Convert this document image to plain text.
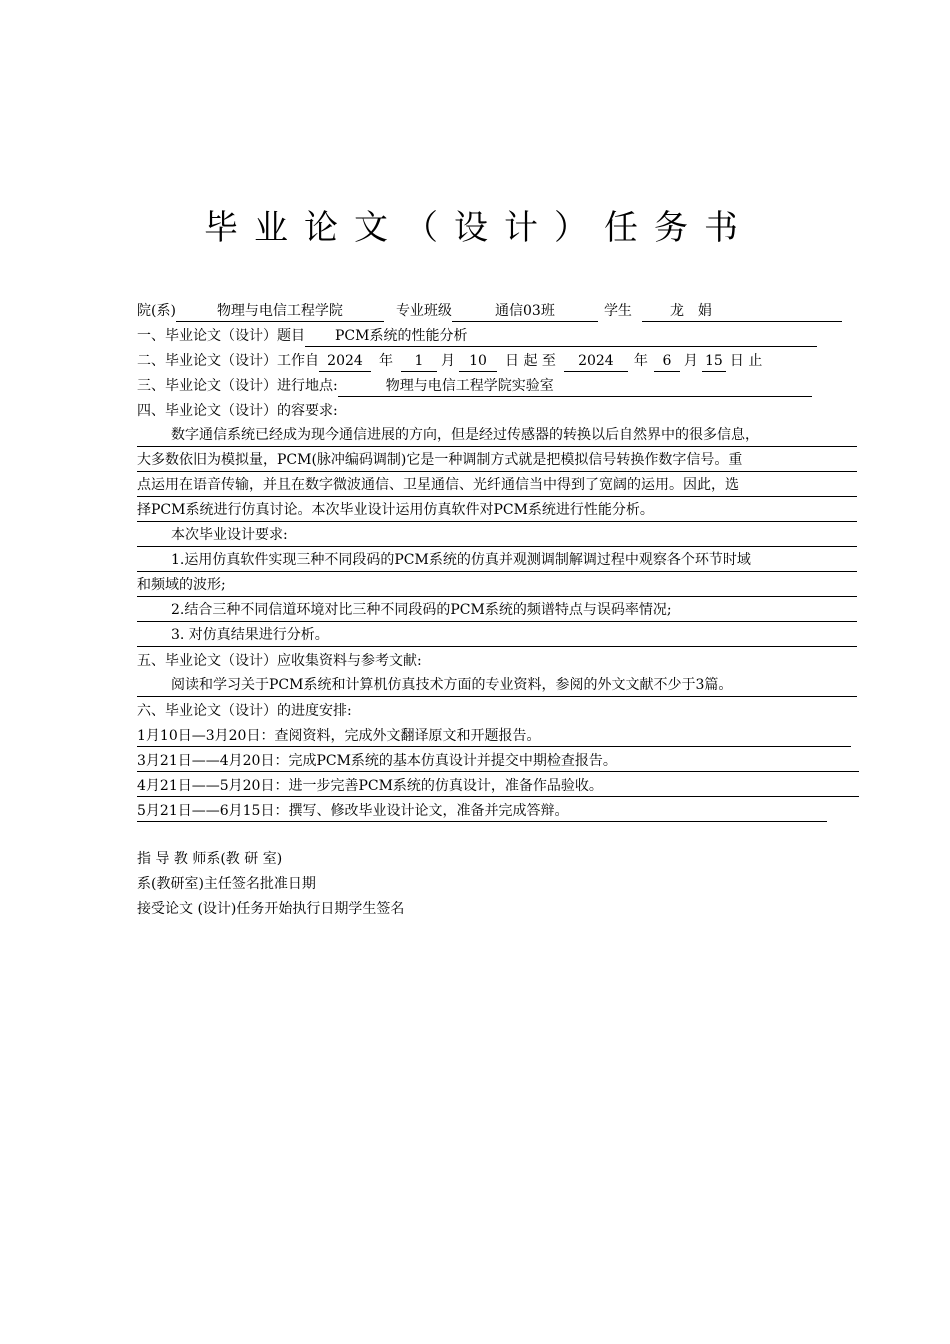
毕业论文（设计）任务书
院(系)	物理与电信工程学院	专业班级	通信03班	学生	龙　娟
一、毕业论文（设计）题目 PCM系统的性能分析
二、毕业论文（设计）工作自 2024 年 1 月 10 日 起 至 2024 年 6 月 15 日 止
三、毕业论文（设计）进行地点:	物理与电信工程学院实验室
四、毕业论文（设计）的容要求:
数字通信系统已经成为现今通信进展的方向，但是经过传感器的转换以后自然界中的很多信息，
大多数依旧为模拟量，PCM(脉冲编码调制)它是一种调制方式就是把模拟信号转换作数字信号。重
点运用在语音传输，并且在数字微波通信、卫星通信、光纤通信当中得到了宽阔的运用。因此，选
择PCM系统进行仿真讨论。本次毕业设计运用仿真软件对PCM系统进行性能分析。
本次毕业设计要求:
1.运用仿真软件实现三种不同段码的PCM系统的仿真并观测调制解调过程中观察各个环节时域
和频域的波形;
2.结合三种不同信道环境对比三种不同段码的PCM系统的频谱特点与误码率情况;
3. 对仿真结果进行分析。
五、毕业论文（设计）应收集资料与参考文献:
阅读和学习关于PCM系统和计算机仿真技术方面的专业资料，参阅的外文文献不少于3篇。
六、毕业论文（设计）的进度安排:
1月10日—3月20日：查阅资料，完成外文翻译原文和开题报告。
3月21日——4月20日：完成PCM系统的基本仿真设计并提交中期检查报告。
4月21日——5月20日：进一步完善PCM系统的仿真设计，准备作品验收。
5月21日——6月15日：撰写、修改毕业设计论文，准备并完成答辩。
指 导 教 师系(教 研 室)
系(教研室)主任签名批准日期
接受论文 (设计)任务开始执行日期学生签名
